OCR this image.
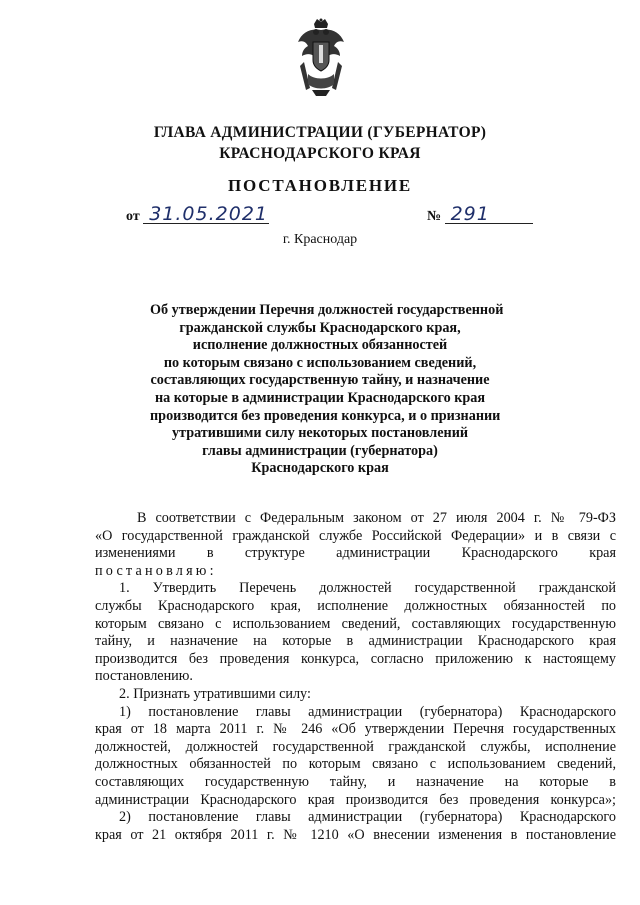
ГЛАВА АДМИНИСТРАЦИИ (ГУБЕРНАТОР)
КРАСНОДАРСКОГО КРАЯ
ПОСТАНОВЛЕНИЕ
от 31.05.2021	№ 291
г. Краснодар
Об утверждении Перечня должностей государственной
гражданской службы Краснодарского края,
исполнение должностных обязанностей
по которым связано с использованием сведений,
составляющих государственную тайну, и назначение
на которые в администрации Краснодарского края
производится без проведения конкурса, и о признании
утратившими силу некоторых постановлений
главы администрации (губернатора)
Краснодарского края
В соответствии с Федеральным законом от 27 июля 2004 г. № 79-ФЗ
«О государственной гражданской службе Российской Федерации» и в связи с
изменениями в структуре администрации Краснодарского края
постановляю:
1. Утвердить Перечень должностей государственной гражданской
службы Краснодарского края, исполнение должностных обязанностей по
которым связано с использованием сведений, составляющих государственную
тайну, и назначение на которые в администрации Краснодарского края
производится без проведения конкурса, согласно приложению к настоящему
постановлению.
2. Признать утратившими силу:
1) постановление главы администрации (губернатора) Краснодарского
края от 18 марта 2011 г. № 246 «Об утверждении Перечня государственных
должностей, должностей государственной гражданской службы, исполнение
должностных обязанностей по которым связано с использованием сведений,
составляющих государственную тайну, и назначение на которые в
администрации Краснодарского края производится без проведения конкурса»;
2) постановление главы администрации (губернатора) Краснодарского
края от 21 октября 2011 г. № 1210 «О внесении изменения в постановление
